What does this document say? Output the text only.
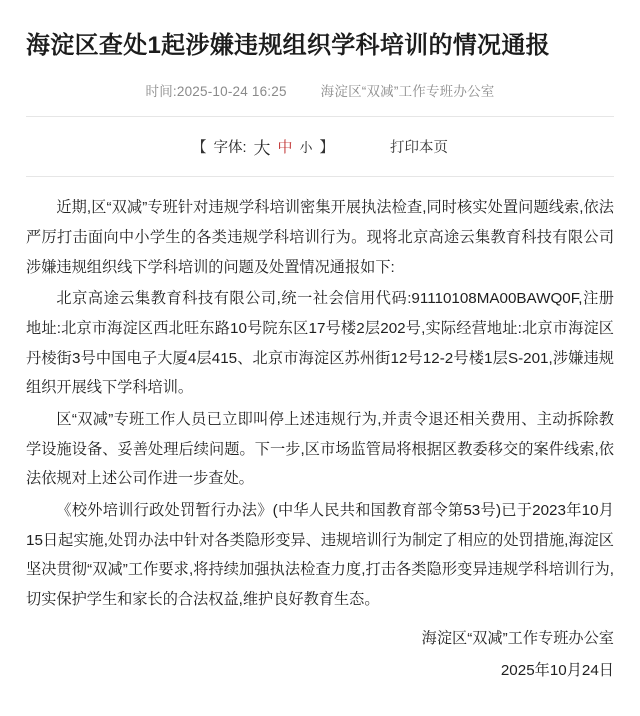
海淀区查处1起涉嫌违规组织学科培训的情况通报
时间:2025-10-24 16:25	海淀区“双减”工作专班办公室
【 字体: 大 中 小 】	打印本页

近期,区“双减”专班针对违规学科培训密集开展执法检查,同时核实处置问题线索,依法严厉打击面向中小学生的各类违规学科培训行为。现将北京高途云集教育科技有限公司涉嫌违规组织线下学科培训的问题及处置情况通报如下:

北京高途云集教育科技有限公司,统一社会信用代码:91110108MA00BAWQ0F,注册地址:北京市海淀区西北旺东路10号院东区17号楼2层202号,实际经营地址:北京市海淀区丹棱街3号中国电子大厦4层415、北京市海淀区苏州街12号12-2号楼1层S-201,涉嫌违规组织开展线下学科培训。

区“双减”专班工作人员已立即叫停上述违规行为,并责令退还相关费用、主动拆除教学设施设备、妥善处理后续问题。下一步,区市场监管局将根据区教委移交的案件线索,依法依规对上述公司作进一步查处。

《校外培训行政处罚暂行办法》(中华人民共和国教育部令第53号)已于2023年10月15日起实施,处罚办法中针对各类隐形变异、违规培训行为制定了相应的处罚措施,海淀区坚决贯彻“双减”工作要求,将持续加强执法检查力度,打击各类隐形变异违规学科培训行为,切实保护学生和家长的合法权益,维护良好教育生态。

海淀区“双减”工作专班办公室
2025年10月24日
